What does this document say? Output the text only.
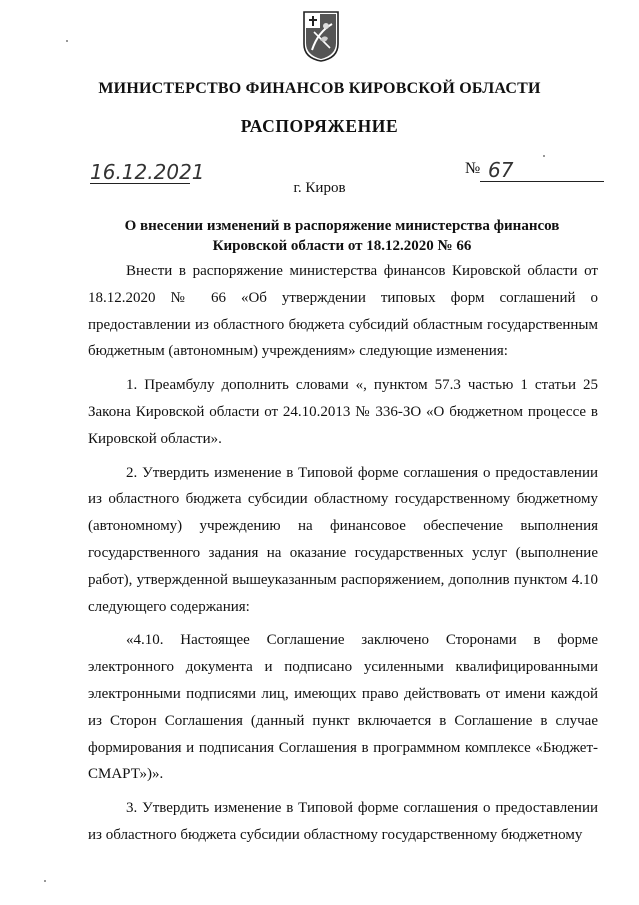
МИНИСТЕРСТВО ФИНАНСОВ КИРОВСКОЙ ОБЛАСТИ
РАСПОРЯЖЕНИЕ
16.12.2021	№ 67
г. Киров
О внесении изменений в распоряжение министерства финансов
Кировской области от 18.12.2020 № 66

Внести в распоряжение министерства финансов Кировской области от 18.12.2020 № 66 «Об утверждении типовых форм соглашений о предоставлении из областного бюджета субсидий областным государственным бюджетным (автономным) учреждениям» следующие изменения:

1. Преамбулу дополнить словами «, пунктом 57.3 частью 1 статьи 25 Закона Кировской области от 24.10.2013 № 336-ЗО «О бюджетном процессе в Кировской области».

2. Утвердить изменение в Типовой форме соглашения о предоставлении из областного бюджета субсидии областному государственному бюджетному (автономному) учреждению на финансовое обеспечение выполнения государственного задания на оказание государственных услуг (выполнение работ), утвержденной вышеуказанным распоряжением, дополнив пунктом 4.10 следующего содержания:

«4.10. Настоящее Соглашение заключено Сторонами в форме электронного документа и подписано усиленными квалифицированными электронными подписями лиц, имеющих право действовать от имени каждой из Сторон Соглашения (данный пункт включается в Соглашение в случае формирования и подписания Соглашения в программном комплексе «Бюджет-СМАРТ»)».

3. Утвердить изменение в Типовой форме соглашения о предоставлении из областного бюджета субсидии областному государственному бюджетному
